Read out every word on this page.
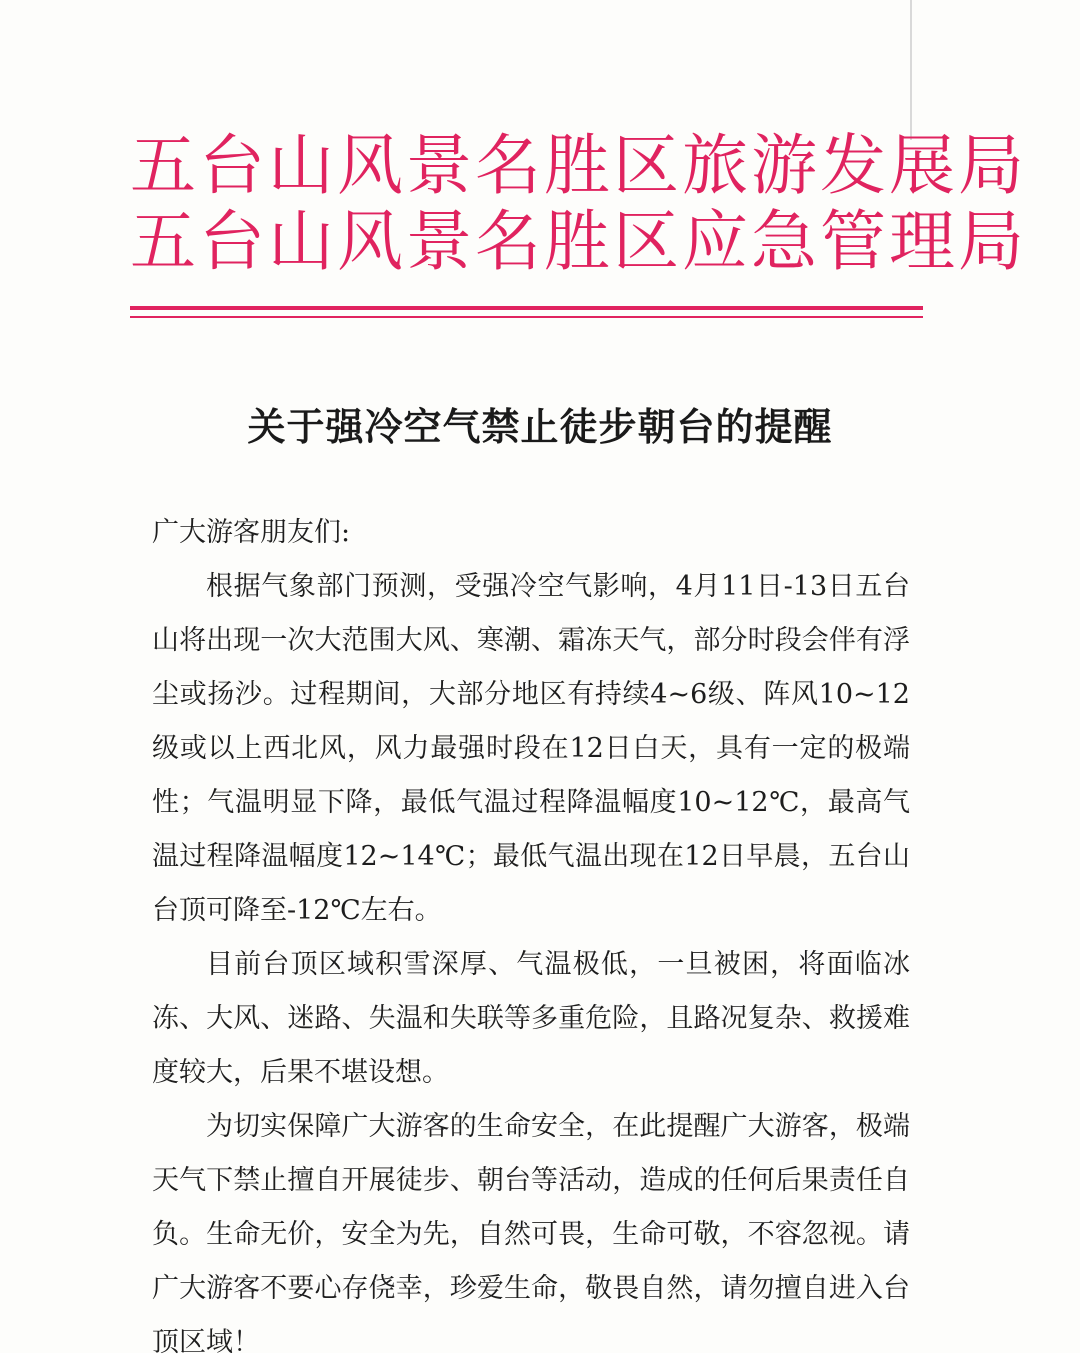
五台山风景名胜区旅游发展局
五台山风景名胜区应急管理局
关于强冷空气禁止徒步朝台的提醒

广大游客朋友们:

根据气象部门预测，受强冷空气影响，4月11日-13日五台山将出现一次大范围大风、寒潮、霜冻天气，部分时段会伴有浮尘或扬沙。过程期间，大部分地区有持续4~6级、阵风10~12级或以上西北风，风力最强时段在12日白天，具有一定的极端性；气温明显下降，最低气温过程降温幅度10~12℃，最高气温过程降温幅度12~14℃；最低气温出现在12日早晨，五台山台顶可降至-12℃左右。

目前台顶区域积雪深厚、气温极低，一旦被困，将面临冰冻、大风、迷路、失温和失联等多重危险，且路况复杂、救援难度较大，后果不堪设想。

为切实保障广大游客的生命安全，在此提醒广大游客，极端天气下禁止擅自开展徒步、朝台等活动，造成的任何后果责任自负。生命无价，安全为先，自然可畏，生命可敬，不容忽视。请广大游客不要心存侥幸，珍爱生命，敬畏自然，请勿擅自进入台顶区域！
